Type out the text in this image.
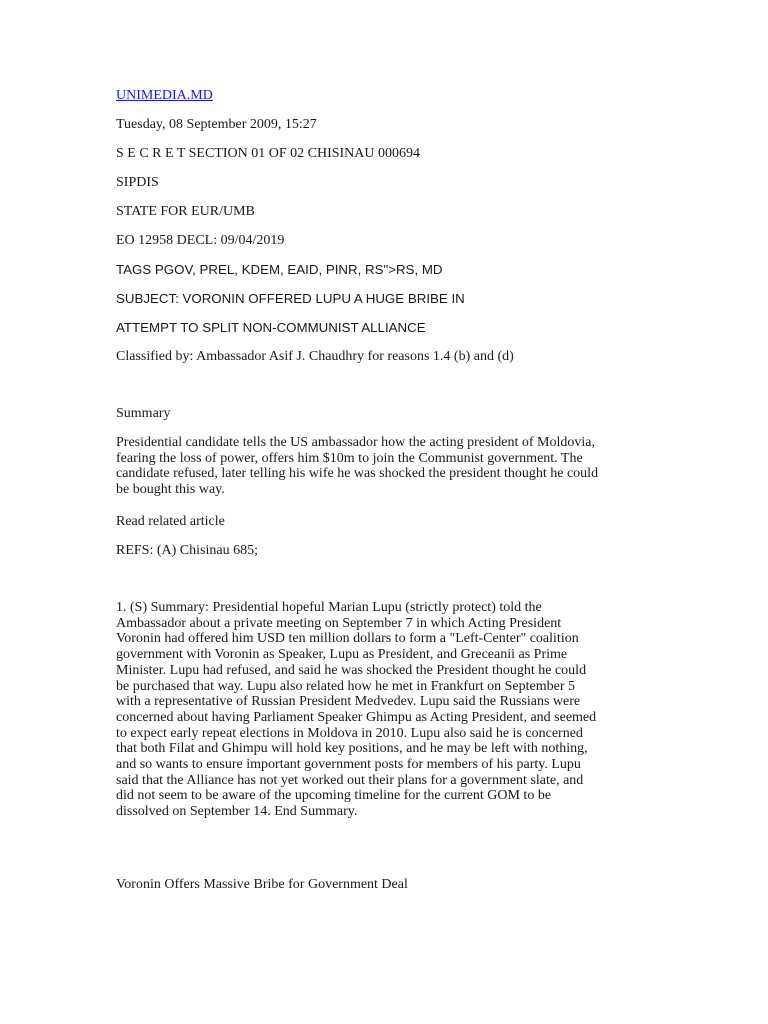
UNIMEDIA.MD
Tuesday, 08 September 2009, 15:27
S E C R E T SECTION 01 OF 02 CHISINAU 000694
SIPDIS
STATE FOR EUR/UMB
EO 12958 DECL: 09/04/2019
TAGS PGOV, PREL, KDEM, EAID, PINR, RS">RS, MD
SUBJECT: VORONIN OFFERED LUPU A HUGE BRIBE IN
ATTEMPT TO SPLIT NON-COMMUNIST ALLIANCE
Classified by: Ambassador Asif J. Chaudhry for reasons 1.4 (b) and (d)
Summary
Presidential candidate tells the US ambassador how the acting president of Moldovia,
fearing the loss of power, offers him $10m to join the Communist government. The
candidate refused, later telling his wife he was shocked the president thought he could
be bought this way.
Read related article
REFS: (A) Chisinau 685;
1. (S) Summary: Presidential hopeful Marian Lupu (strictly protect) told the
Ambassador about a private meeting on September 7 in which Acting President
Voronin had offered him USD ten million dollars to form a "Left-Center" coalition
government with Voronin as Speaker, Lupu as President, and Greceanii as Prime
Minister. Lupu had refused, and said he was shocked the President thought he could
be purchased that way. Lupu also related how he met in Frankfurt on September 5
with a representative of Russian President Medvedev. Lupu said the Russians were
concerned about having Parliament Speaker Ghimpu as Acting President, and seemed
to expect early repeat elections in Moldova in 2010. Lupu also said he is concerned
that both Filat and Ghimpu will hold key positions, and he may be left with nothing,
and so wants to ensure important government posts for members of his party. Lupu
said that the Alliance has not yet worked out their plans for a government slate, and
did not seem to be aware of the upcoming timeline for the current GOM to be
dissolved on September 14. End Summary.
Voronin Offers Massive Bribe for Government Deal
